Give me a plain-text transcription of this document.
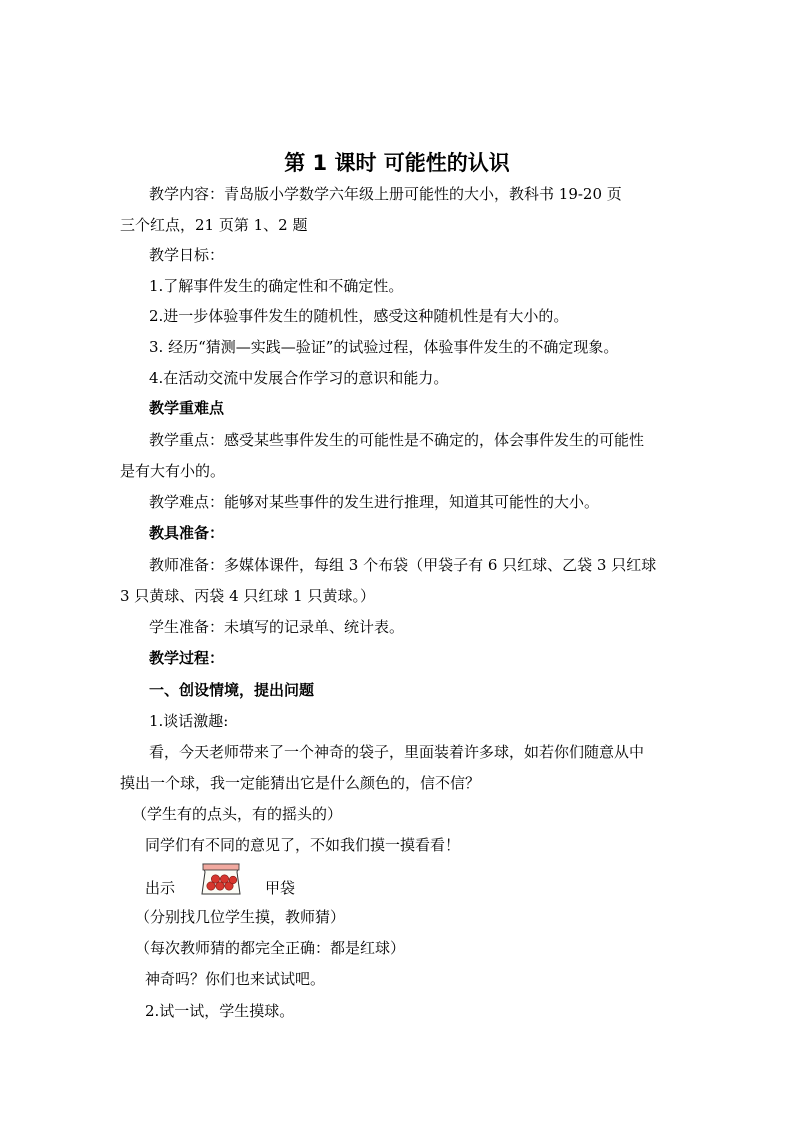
第 1 课时 可能性的认识
教学内容：青岛版小学数学六年级上册可能性的大小，教科书 19-20 页
三个红点，21 页第 1、2 题
教学日标：
1.了解事件发生的确定性和不确定性。
2.进一步体验事件发生的随机性，感受这种随机性是有大小的。
3. 经历“猜测—实践—验证”的试验过程，体验事件发生的不确定现象。
4.在活动交流中发展合作学习的意识和能力。
教学重难点
教学重点：感受某些事件发生的可能性是不确定的，体会事件发生的可能性
是有大有小的。
教学难点：能够对某些事件的发生进行推理，知道其可能性的大小。
教具准备：
教师准备：多媒体课件，每组 3 个布袋（甲袋子有 6 只红球、乙袋 3 只红球
3 只黄球、丙袋 4 只红球 1 只黄球。）
学生准备：未填写的记录单、统计表。
教学过程：
一、创设情境，提出问题
1.谈话激趣:
看，今天老师带来了一个神奇的袋子，里面装着许多球，如若你们随意从中
摸出一个球，我一定能猜出它是什么颜色的，信不信？
（学生有的点头，有的摇头的）
同学们有不同的意见了，不如我们摸一摸看看！
出示	甲袋
（分别找几位学生摸，教师猜）
（每次教师猜的都完全正确：都是红球）
神奇吗？你们也来试试吧。
2.试一试，学生摸球。
